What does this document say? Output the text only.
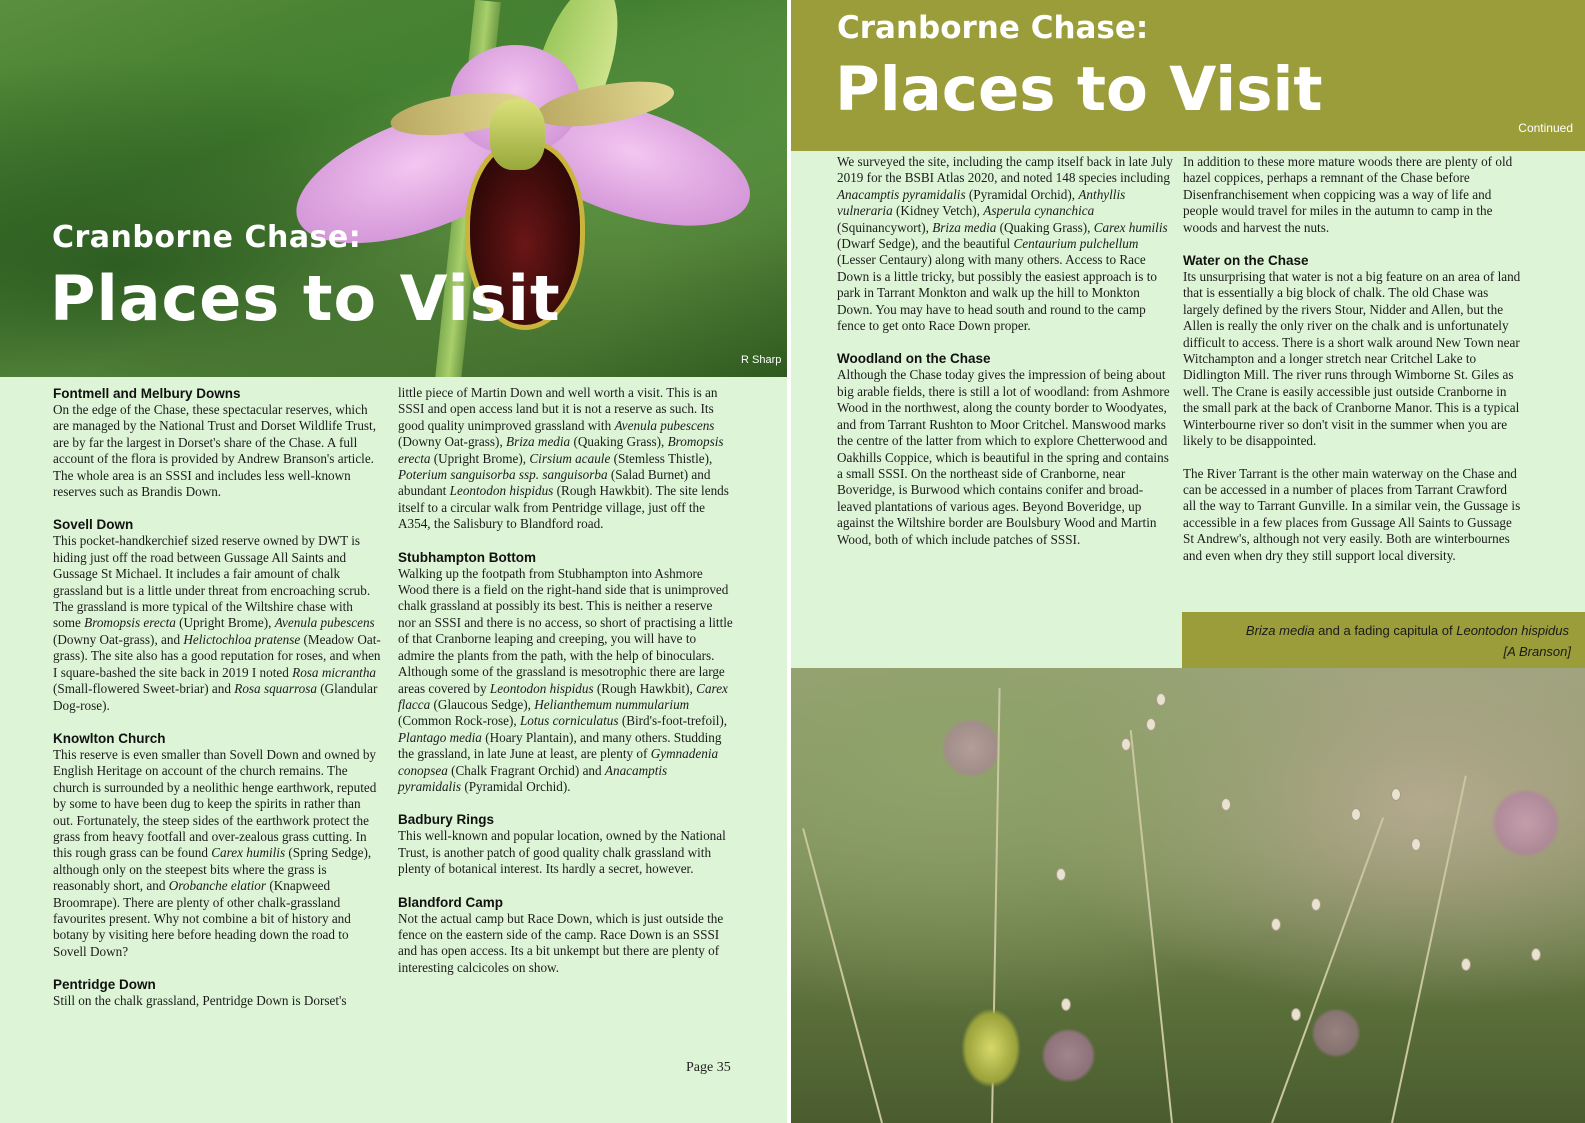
Cranborne Chase:
Places to Visit
R Sharp
Fontmell and Melbury Downs

On the edge of the Chase, these spectacular reserves, which are managed by the National Trust and Dorset Wildlife Trust, are by far the largest in Dorset's share of the Chase. A full account of the flora is provided by Andrew Branson's article. The whole area is an SSSI and includes less well-known reserves such as Brandis Down.

Sovell Down

This pocket-handkerchief sized reserve owned by DWT is hiding just off the road between Gussage All Saints and Gussage St Michael. It includes a fair amount of chalk grassland but is a little under threat from encroaching scrub. The grassland is more typical of the Wiltshire chase with some Bromopsis erecta (Upright Brome), Avenula pubescens (Downy Oat-grass), and Helictochloa pratense (Meadow Oat-grass). The site also has a good reputation for roses, and when I square-bashed the site back in 2019 I noted Rosa micrantha (Small-flowered Sweet-briar) and Rosa squarrosa (Glandular Dog-rose).

Knowlton Church

This reserve is even smaller than Sovell Down and owned by English Heritage on account of the church remains. The church is surrounded by a neolithic henge earthwork, reputed by some to have been dug to keep the spirits in rather than out. Fortunately, the steep sides of the earthwork protect the grass from heavy footfall and over-zealous grass cutting. In this rough grass can be found Carex humilis (Spring Sedge), although only on the steepest bits where the grass is reasonably short, and Orobanche elatior (Knapweed Broomrape). There are plenty of other chalk-grassland favourites present. Why not combine a bit of history and botany by visiting here before heading down the road to Sovell Down?

Pentridge Down

Still on the chalk grassland, Pentridge Down is Dorset's

little piece of Martin Down and well worth a visit. This is an SSSI and open access land but it is not a reserve as such. Its good quality unimproved grassland with Avenula pubescens (Downy Oat-grass), Briza media (Quaking Grass), Bromopsis erecta (Upright Brome), Cirsium acaule (Stemless Thistle), Poterium sanguisorba ssp. sanguisorba (Salad Burnet) and abundant Leontodon hispidus (Rough Hawkbit). The site lends itself to a circular walk from Pentridge village, just off the A354, the Salisbury to Blandford road.

Stubhampton Bottom

Walking up the footpath from Stubhampton into Ashmore Wood there is a field on the right-hand side that is unimproved chalk grassland at possibly its best. This is neither a reserve nor an SSSI and there is no access, so short of practising a little of that Cranborne leaping and creeping, you will have to admire the plants from the path, with the help of binoculars. Although some of the grassland is mesotrophic there are large areas covered by Leontodon hispidus (Rough Hawkbit), Carex flacca (Glaucous Sedge), Helianthemum nummularium (Common Rock-rose), Lotus corniculatus (Bird's-foot-trefoil), Plantago media (Hoary Plantain), and many others. Studding the grassland, in late June at least, are plenty of Gymnadenia conopsea (Chalk Fragrant Orchid) and Anacamptis pyramidalis (Pyramidal Orchid).

Badbury Rings

This well-known and popular location, owned by the National Trust, is another patch of good quality chalk grassland with plenty of botanical interest. Its hardly a secret, however.

Blandford Camp

Not the actual camp but Race Down, which is just outside the fence on the eastern side of the camp. Race Down is an SSSI and has open access. Its a bit unkempt but there are plenty of interesting calcicoles on show.

Page 35
Cranborne Chase:
Places to Visit
Continued

We surveyed the site, including the camp itself back in late July 2019 for the BSBI Atlas 2020, and noted 148 species including Anacamptis pyramidalis (Pyramidal Orchid), Anthyllis vulneraria (Kidney Vetch), Asperula cynanchica (Squinancywort), Briza media (Quaking Grass), Carex humilis (Dwarf Sedge), and the beautiful Centaurium pulchellum (Lesser Centaury) along with many others. Access to Race Down is a little tricky, but possibly the easiest approach is to park in Tarrant Monkton and walk up the hill to Monkton Down. You may have to head south and round to the camp fence to get onto Race Down proper.

Woodland on the Chase

Although the Chase today gives the impression of being about big arable fields, there is still a lot of woodland: from Ashmore Wood in the northwest, along the county border to Woodyates, and from Tarrant Rushton to Moor Critchel. Manswood marks the centre of the latter from which to explore Chetterwood and Oakhills Coppice, which is beautiful in the spring and contains a small SSSI. On the northeast side of Cranborne, near Boveridge, is Burwood which contains conifer and broad-leaved plantations of various ages. Beyond Boveridge, up against the Wiltshire border are Boulsbury Wood and Martin Wood, both of which include patches of SSSI.

In addition to these more mature woods there are plenty of old hazel coppices, perhaps a remnant of the Chase before Disenfranchisement when coppicing was a way of life and people would travel for miles in the autumn to camp in the woods and harvest the nuts.

Water on the Chase

Its unsurprising that water is not a big feature on an area of land that is essentially a big block of chalk. The old Chase was largely defined by the rivers Stour, Nidder and Allen, but the Allen is really the only river on the chalk and is unfortunately difficult to access. There is a short walk around New Town near Witchampton and a longer stretch near Critchel Lake to Didlington Mill. The river runs through Wimborne St. Giles as well. The Crane is easily accessible just outside Cranborne in the small park at the back of Cranborne Manor. This is a typical Winterbourne river so don't visit in the summer when you are likely to be disappointed.

The River Tarrant is the other main waterway on the Chase and can be accessed in a number of places from Tarrant Crawford all the way to Tarrant Gunville. In a similar vein, the Gussage is accessible in a few places from Gussage All Saints to Gussage St Andrew's, although not very easily. Both are winterbournes and even when dry they still support local diversity.

Briza media and a fading capitula of Leontodon hispidus
[A Branson]
